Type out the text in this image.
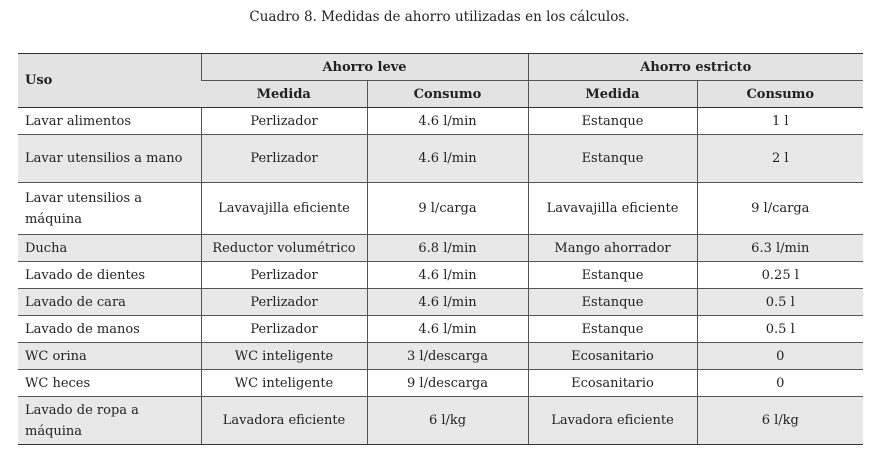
Cuadro 8. Medidas de ahorro utilizadas en los cálculos.
Uso	Ahorro leve		Ahorro estricto	
	Medida	Consumo	Medida	Consumo
Lavar alimentos	Perlizador	4.6 l/min	Estanque	1 l
Lavar utensilios a mano	Perlizador	4.6 l/min	Estanque	2 l
Lavar utensilios a máquina	Lavavajilla eficiente	9 l/carga	Lavavajilla eficiente	9 l/carga
Ducha	Reductor volumétrico	6.8 l/min	Mango ahorrador	6.3 l/min
Lavado de dientes	Perlizador	4.6 l/min	Estanque	0.25 l
Lavado de cara	Perlizador	4.6 l/min	Estanque	0.5 l
Lavado de manos	Perlizador	4.6 l/min	Estanque	0.5 l
WC orina	WC inteligente	3 l/descarga	Ecosanitario	0
WC heces	WC inteligente	9 l/descarga	Ecosanitario	0
Lavado de ropa a máquina	Lavadora eficiente	6 l/kg	Lavadora eficiente	6 l/kg
